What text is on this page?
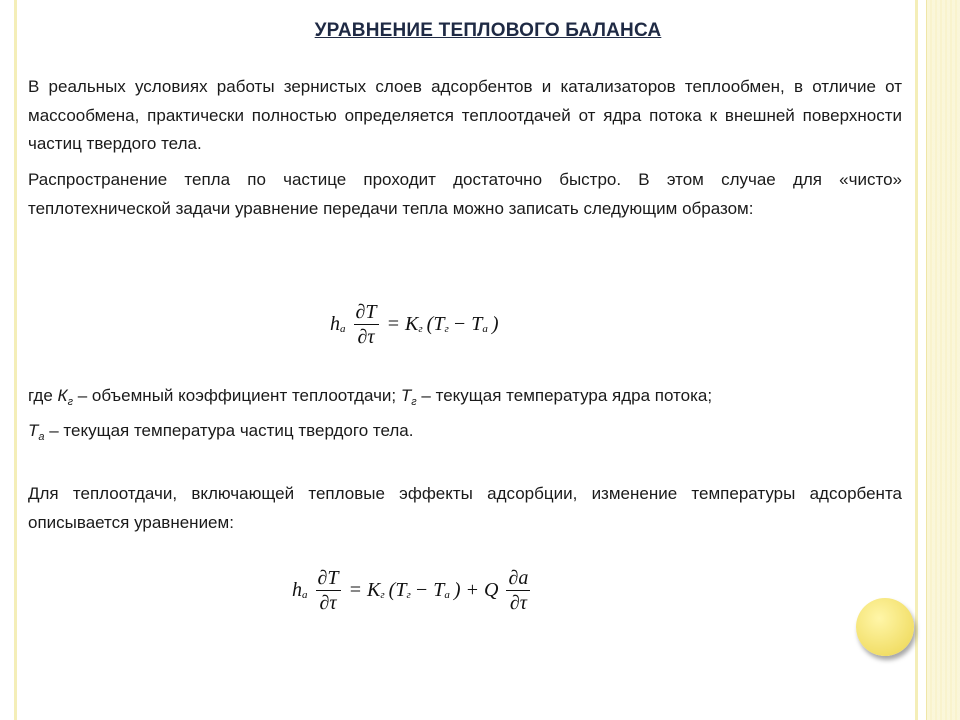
УРАВНЕНИЕ ТЕПЛОВОГО БАЛАНСА
В реальных условиях работы зернистых слоев адсорбентов и катализаторов теплообмен, в отличие от массообмена, практически полностью определяется теплоотдачей от ядра потока к внешней поверхности частиц твердого тела.
Распространение тепла по частице проходит достаточно быстро. В этом случае для «чисто» теплотехнической задачи уравнение передачи тепла можно записать следующим образом:
$h_а \frac{\partial T}{\partial\tau} = K_г$ ($T_г - T_а$ )
где $К_г$ – объемный коэффициент теплоотдачи; $Т_г$ – текущая температура ядра потока;
$Т_а$ – текущая температура частиц твердого тела.
Для теплоотдачи, включающей тепловые эффекты адсорбции, изменение температуры адсорбента описывается уравнением:
$h_а \frac{\partial T}{\partial\tau} = K_г$ ($T_г - T_а$ ) + Q $\frac{\partial a}{\partial\tau}$
